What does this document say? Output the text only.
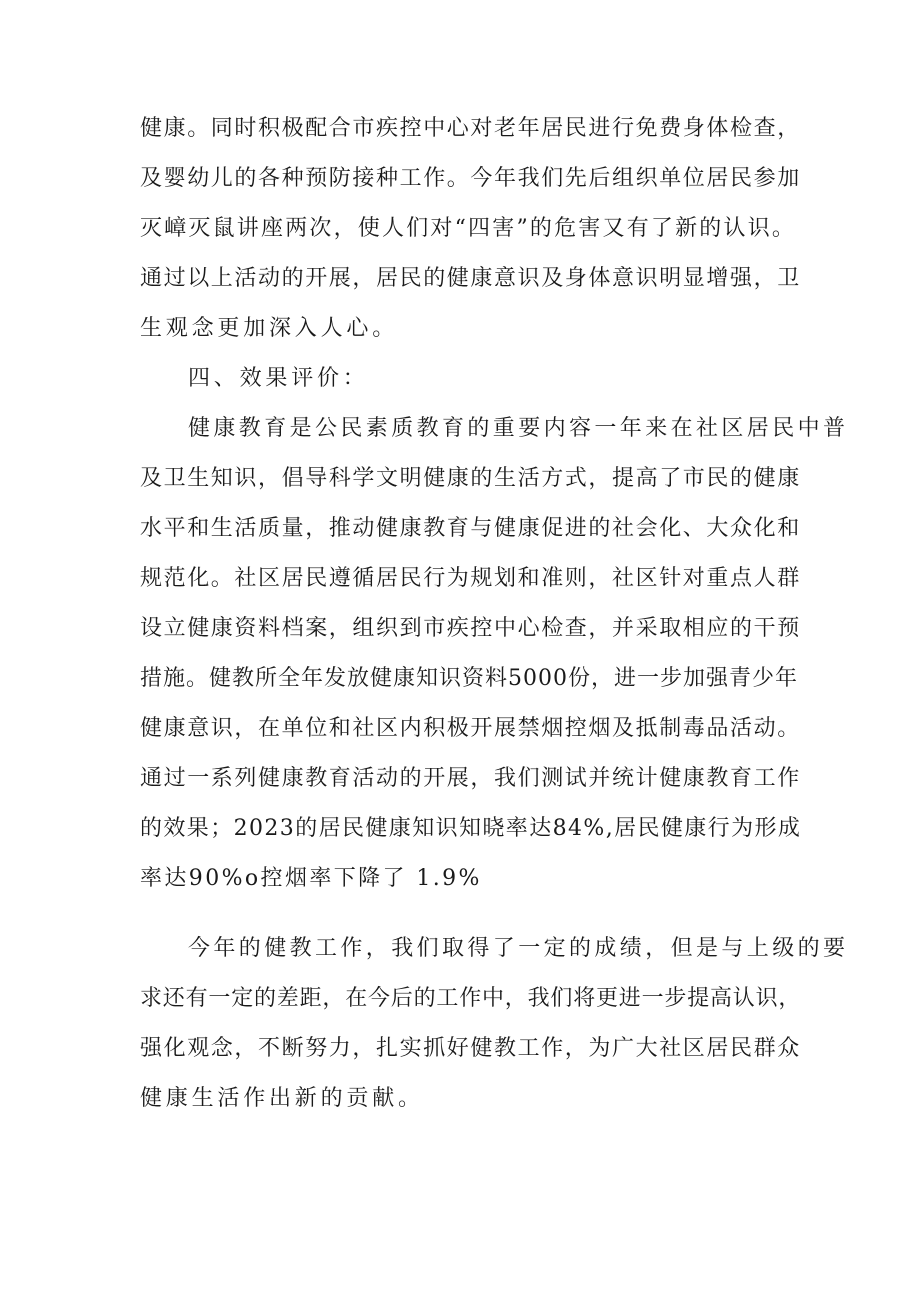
健康。同时积极配合市疾控中心对老年居民进行免费身体检查，
及婴幼儿的各种预防接种工作。今年我们先后组织单位居民参加
灭嶂灭鼠讲座两次，使人们对“四害”的危害又有了新的认识。
通过以上活动的开展，居民的健康意识及身体意识明显增强，卫
生观念更加深入人心。
四、效果评价：
健康教育是公民素质教育的重要内容一年来在社区居民中普
及卫生知识，倡导科学文明健康的生活方式，提高了市民的健康
水平和生活质量，推动健康教育与健康促进的社会化、大众化和
规范化。社区居民遵循居民行为规划和准则，社区针对重点人群
设立健康资料档案，组织到市疾控中心检查，并采取相应的干预
措施。健教所全年发放健康知识资料5000份，进一步加强青少年
健康意识，在单位和社区内积极开展禁烟控烟及抵制毒品活动。
通过一系列健康教育活动的开展，我们测试并统计健康教育工作
的效果；2023的居民健康知识知晓率达84%,居民健康行为形成
率达90%o控烟率下降了 1.9%
今年的健教工作，我们取得了一定的成绩，但是与上级的要
求还有一定的差距，在今后的工作中，我们将更进一步提高认识，
强化观念，不断努力，扎实抓好健教工作，为广大社区居民群众
健康生活作出新的贡献。
